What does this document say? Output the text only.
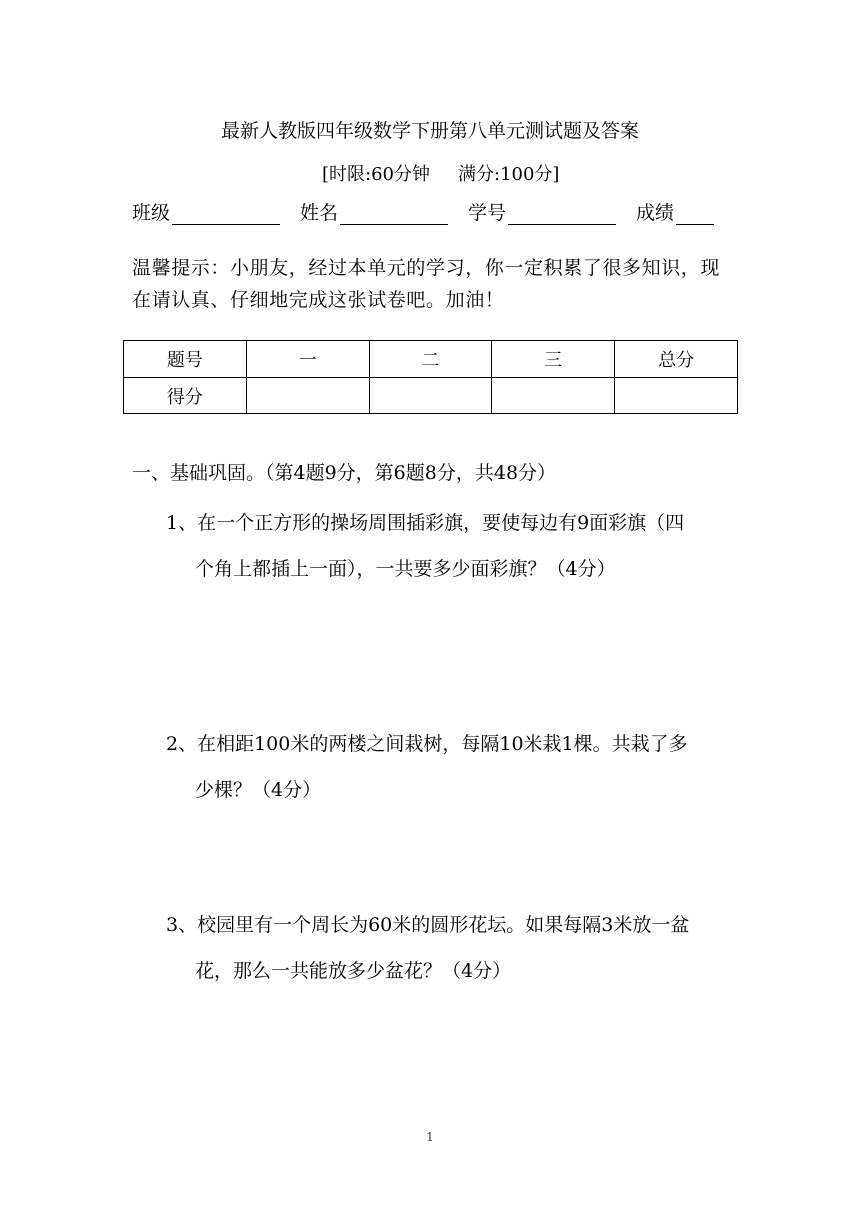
最新人教版四年级数学下册第八单元测试题及答案
[时限:60分钟 满分:100分]
班级	姓名	学号	成绩
温馨提示：小朋友，经过本单元的学习，你一定积累了很多知识，现
在请认真、仔细地完成这张试卷吧。加油！
题号	一	二	三	总分
得分				
一、基础巩固。（第4题9分，第6题8分，共48分）
1、在一个正方形的操场周围插彩旗，要使每边有9面彩旗（四
个角上都插上一面），一共要多少面彩旗？（4分）
2、在相距100米的两楼之间栽树，每隔10米栽1棵。共栽了多
少棵？（4分）
3、校园里有一个周长为60米的圆形花坛。如果每隔3米放一盆
花，那么一共能放多少盆花？（4分）
1
